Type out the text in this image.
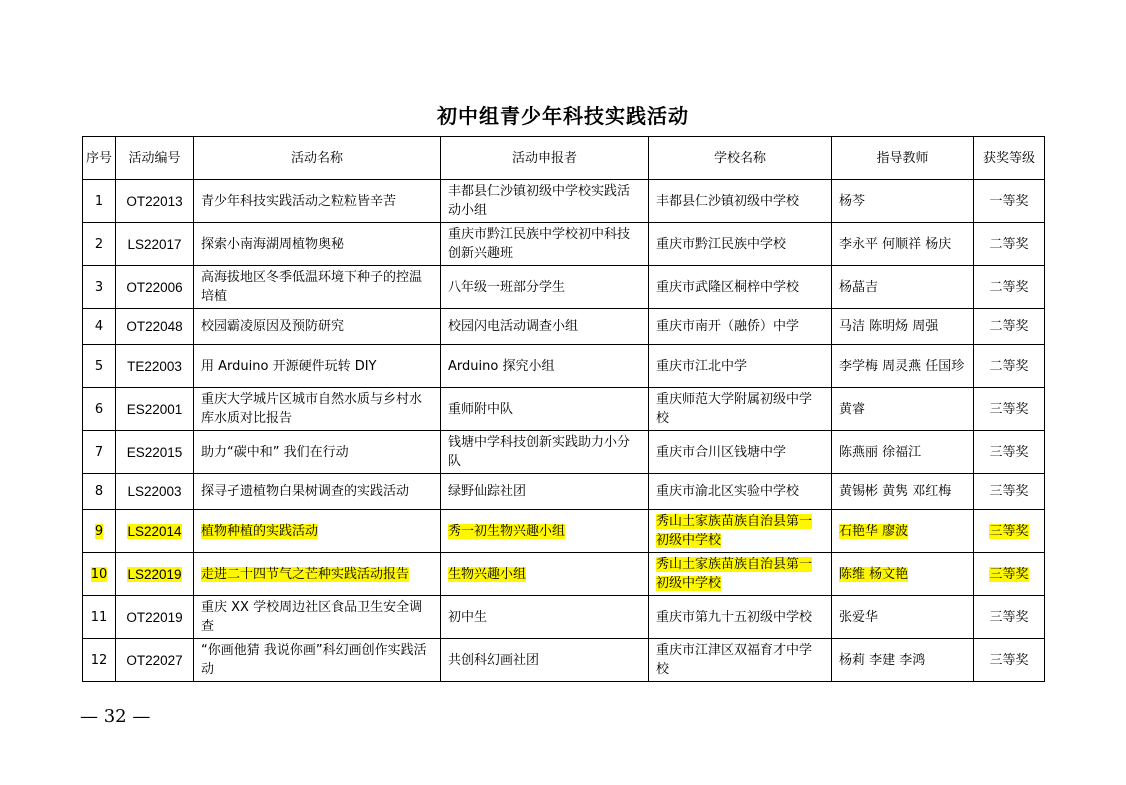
初中组青少年科技实践活动
序号	活动编号	活动名称	活动申报者	学校名称	指导教师	获奖等级
1	OT22013	青少年科技实践活动之粒粒皆辛苦	丰都县仁沙镇初级中学校实践活动小组	丰都县仁沙镇初级中学校	杨芩	一等奖
2	LS22017	探索小南海湖周植物奥秘	重庆市黔江民族中学校初中科技创新兴趣班	重庆市黔江民族中学校	李永平 何顺祥 杨庆	二等奖
3	OT22006	高海拔地区冬季低温环境下种子的控温培植	八年级一班部分学生	重庆市武隆区桐梓中学校	杨蕌吉	二等奖
4	OT22048	校园霸凌原因及预防研究	校园闪电活动调查小组	重庆市南开（融侨）中学	马洁 陈明炀 周强	二等奖
5	TE22003	用 Arduino 开源硬件玩转 DIY	Arduino 探究小组	重庆市江北中学	李学梅 周灵燕 任国珍	二等奖
6	ES22001	重庆大学城片区城市自然水质与乡村水库水质对比报告	重师附中队	重庆师范大学附属初级中学校	黄睿	三等奖
7	ES22015	助力“碳中和” 我们在行动	钱塘中学科技创新实践助力小分队	重庆市合川区钱塘中学	陈燕丽 徐福江	三等奖
8	LS22003	探寻孑遗植物白果树调查的实践活动	绿野仙踪社团	重庆市渝北区实验中学校	黄锡彬 黄隽 邓红梅	三等奖
9	LS22014	植物种植的实践活动	秀一初生物兴趣小组	秀山土家族苗族自治县第一初级中学校	石艳华 廖波	三等奖
10	LS22019	走进二十四节气之芒种实践活动报告	生物兴趣小组	秀山土家族苗族自治县第一初级中学校	陈维 杨文艳	三等奖
11	OT22019	重庆 XX 学校周边社区食品卫生安全调查	初中生	重庆市第九十五初级中学校	张爱华	三等奖
12	OT22027	“你画他猜 我说你画”科幻画创作实践活动	共创科幻画社团	重庆市江津区双福育才中学校	杨莉 李建 李鸿	三等奖
— 32 —
